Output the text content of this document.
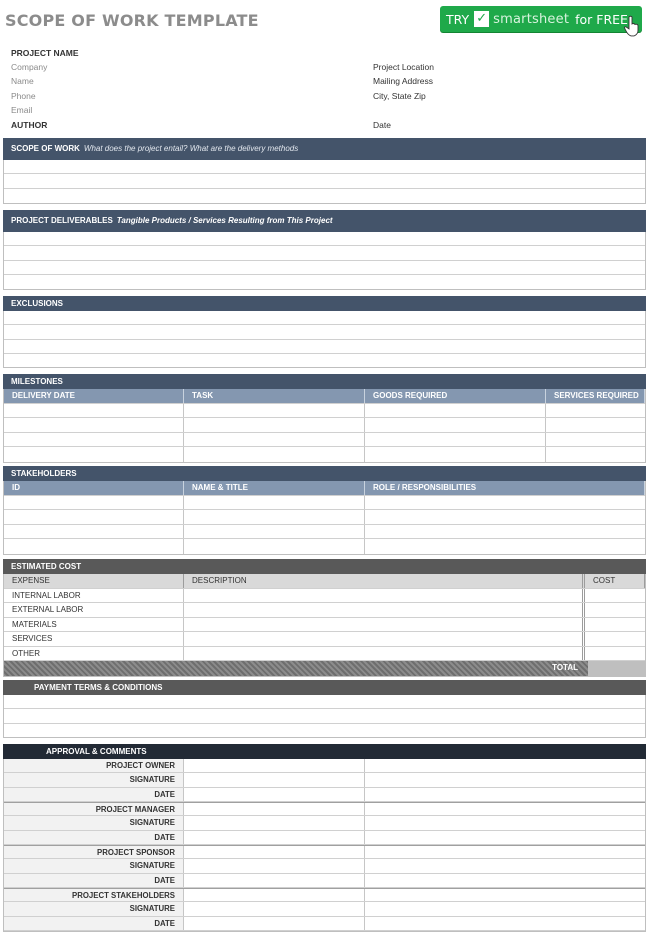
SCOPE OF WORK TEMPLATE	TRY ✓ smartsheet for FREE
PROJECT NAME
Company
Name
Phone
Email
AUTHOR
Project Location
Mailing Address
City, State Zip
Date
SCOPE OF WORK What does the project entail? What are the delivery methods
PROJECT DELIVERABLES Tangible Products / Services Resulting from This Project
EXCLUSIONS
MILESTONES
DELIVERY DATE	TASK	GOODS REQUIRED	SERVICES REQUIRED
STAKEHOLDERS
ID	NAME & TITLE	ROLE / RESPONSIBILITIES
ESTIMATED COST
EXPENSE	DESCRIPTION	COST
INTERNAL LABOR
EXTERNAL LABOR
MATERIALS
SERVICES
OTHER
TOTAL
PAYMENT TERMS & CONDITIONS
APPROVAL & COMMENTS
PROJECT OWNER
SIGNATURE
DATE
PROJECT MANAGER
SIGNATURE
DATE
PROJECT SPONSOR
SIGNATURE
DATE
PROJECT STAKEHOLDERS
SIGNATURE
DATE
